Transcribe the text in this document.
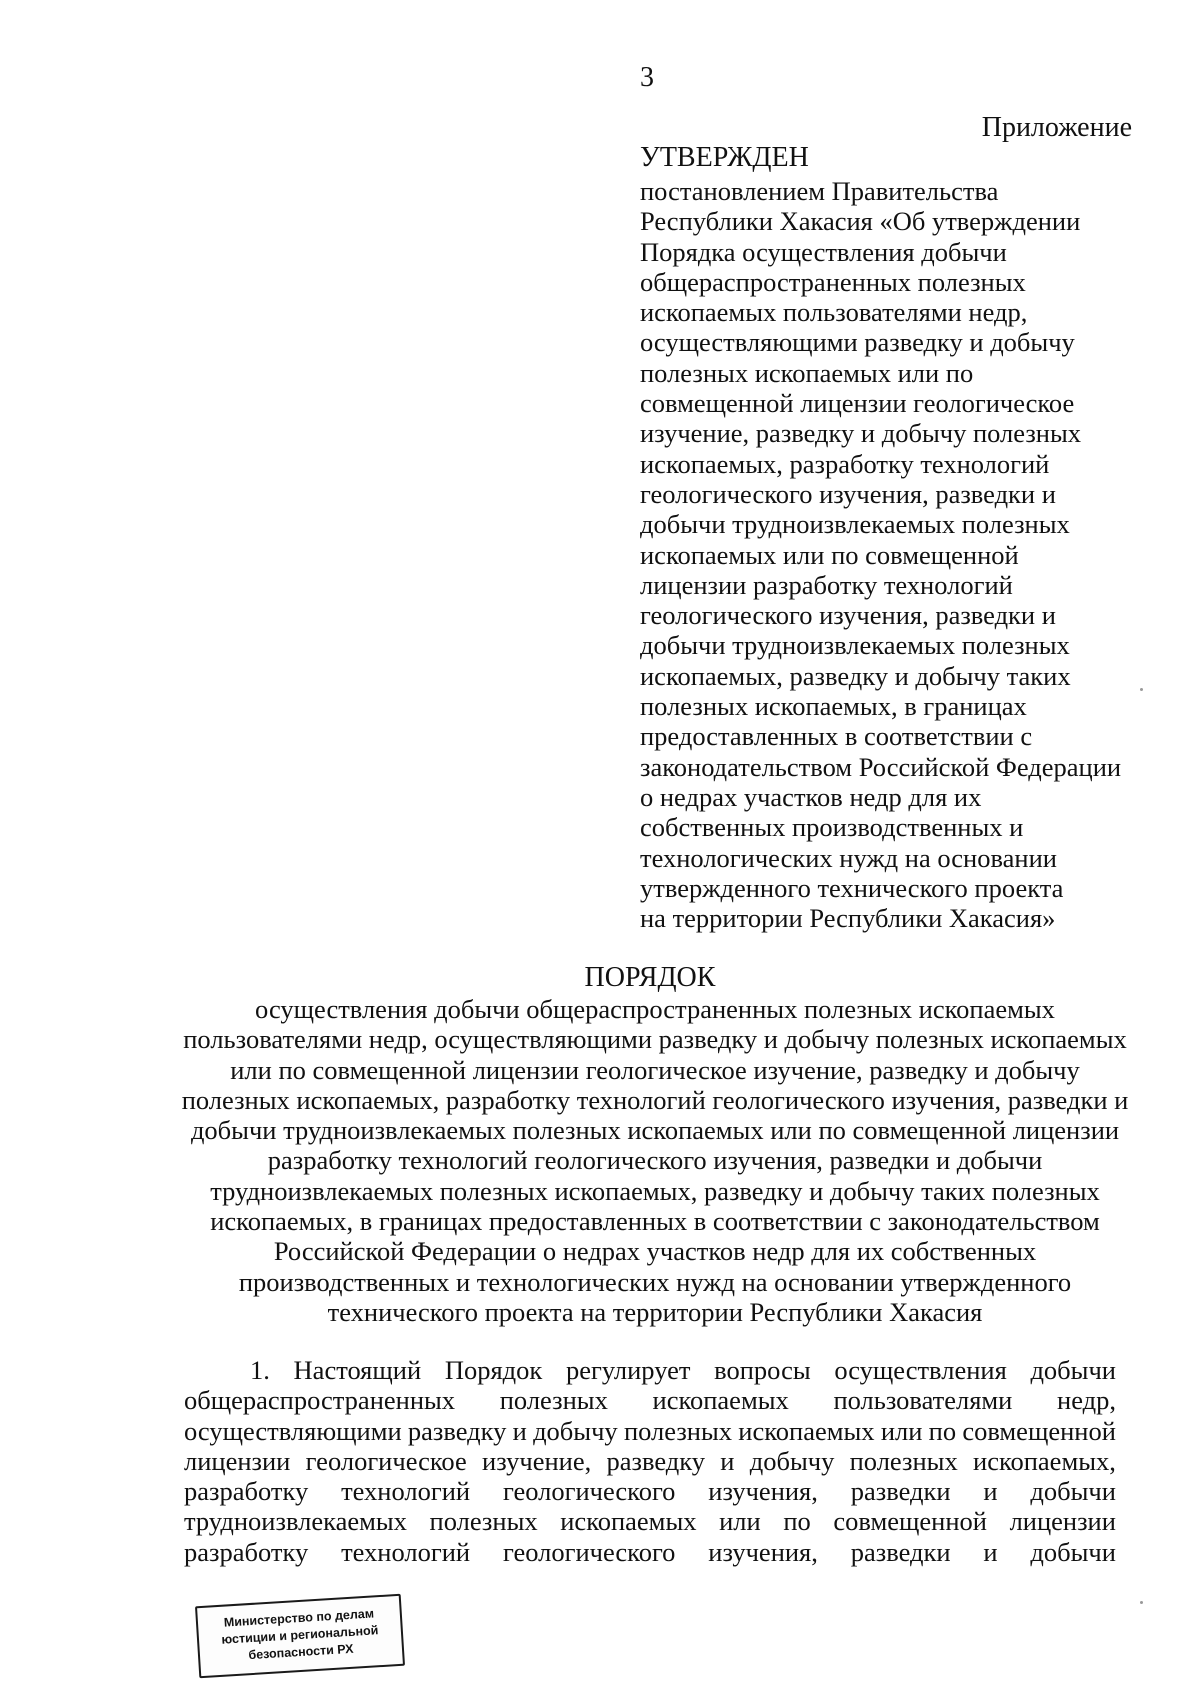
3
Приложение
УТВЕРЖДЕН
постановлением Правительства
Республики Хакасия «Об утверждении
Порядка осуществления добычи
общераспространенных полезных
ископаемых пользователями недр,
осуществляющими разведку и добычу
полезных ископаемых или по
совмещенной лицензии геологическое
изучение, разведку и добычу полезных
ископаемых, разработку технологий
геологического изучения, разведки и
добычи трудноизвлекаемых полезных
ископаемых или по совмещенной
лицензии разработку технологий
геологического изучения, разведки и
добычи трудноизвлекаемых полезных
ископаемых, разведку и добычу таких
полезных ископаемых, в границах
предоставленных в соответствии с
законодательством Российской Федерации
о недрах участков недр для их
собственных производственных и
технологических нужд на основании
утвержденного технического проекта
на территории Республики Хакасия»
ПОРЯДОК
осуществления добычи общераспространенных полезных ископаемых
пользователями недр, осуществляющими разведку и добычу полезных ископаемых
или по совмещенной лицензии геологическое изучение, разведку и добычу
полезных ископаемых, разработку технологий геологического изучения, разведки и
добычи трудноизвлекаемых полезных ископаемых или по совмещенной лицензии
разработку технологий геологического изучения, разведки и добычи
трудноизвлекаемых полезных ископаемых, разведку и добычу таких полезных
ископаемых, в границах предоставленных в соответствии с законодательством
Российской Федерации о недрах участков недр для их собственных
производственных и технологических нужд на основании утвержденного
технического проекта на территории Республики Хакасия
1. Настоящий Порядок регулирует вопросы осуществления добычи
общераспространенных полезных ископаемых пользователями недр,
осуществляющими разведку и добычу полезных ископаемых или по совмещенной
лицензии геологическое изучение, разведку и добычу полезных ископаемых,
разработку технологий геологического изучения, разведки и добычи
трудноизвлекаемых полезных ископаемых или по совмещенной лицензии
разработку технологий геологического изучения, разведки и добычи
Министерство по делам
юстиции и региональной
безопасности РХ
